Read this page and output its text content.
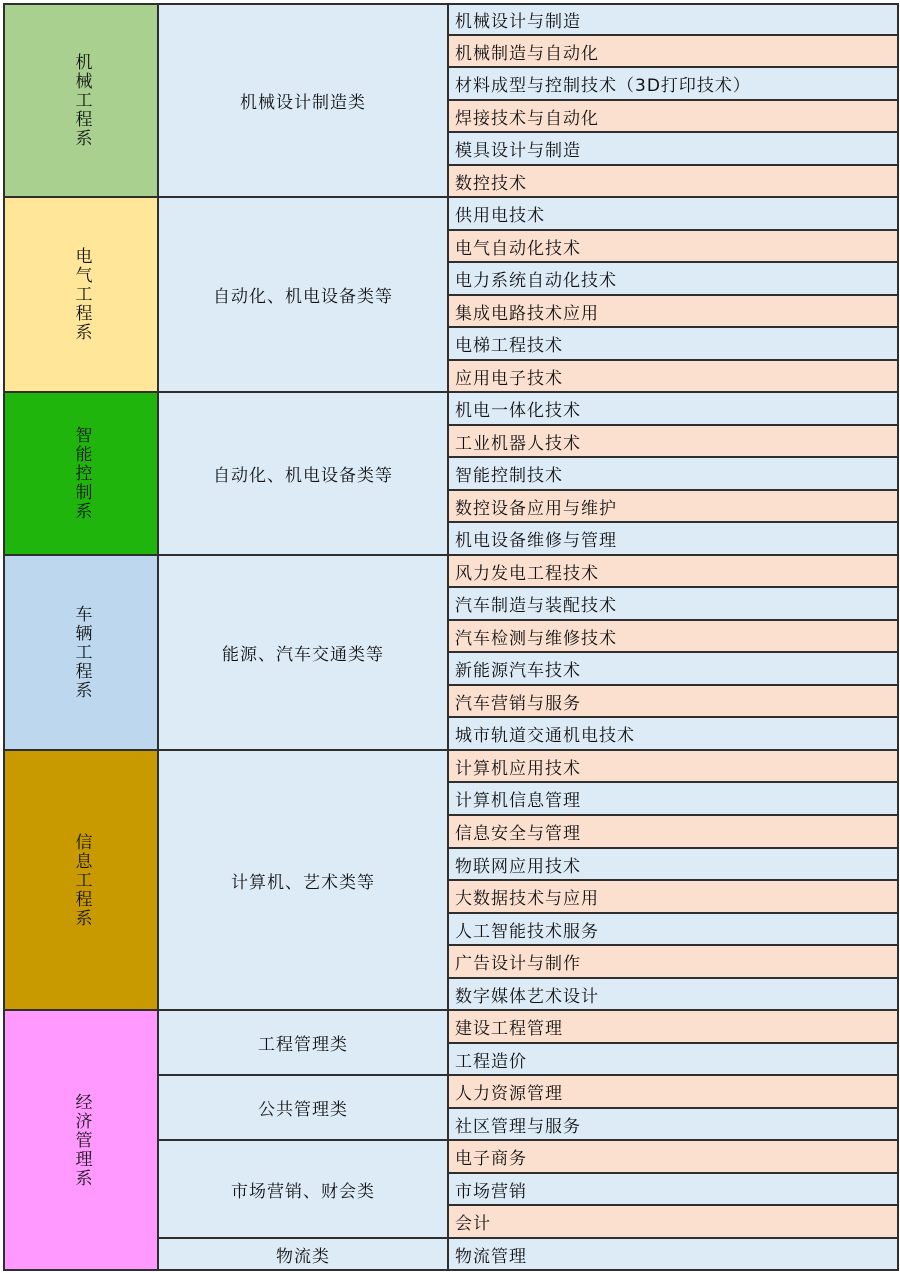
机械设计与制造
机械制造与自动化
材料成型与控制技术（3D打印技术）
焊接技术与自动化
模具设计与制造
数控技术
机械设计制造类
机械工程系
供用电技术
电气自动化技术
电力系统自动化技术
集成电路技术应用
电梯工程技术
应用电子技术
自动化、机电设备类等
电气工程系
机电一体化技术
工业机器人技术
智能控制技术
数控设备应用与维护
机电设备维修与管理
自动化、机电设备类等
智能控制系
风力发电工程技术
汽车制造与装配技术
汽车检测与维修技术
新能源汽车技术
汽车营销与服务
城市轨道交通机电技术
能源、汽车交通类等
车辆工程系
计算机应用技术
计算机信息管理
信息安全与管理
物联网应用技术
大数据技术与应用
人工智能技术服务
广告设计与制作
数字媒体艺术设计
计算机、艺术类等
信息工程系
建设工程管理
工程造价
工程管理类
人力资源管理
社区管理与服务
公共管理类
电子商务
市场营销
会计
市场营销、财会类
物流管理
物流类
经济管理系
